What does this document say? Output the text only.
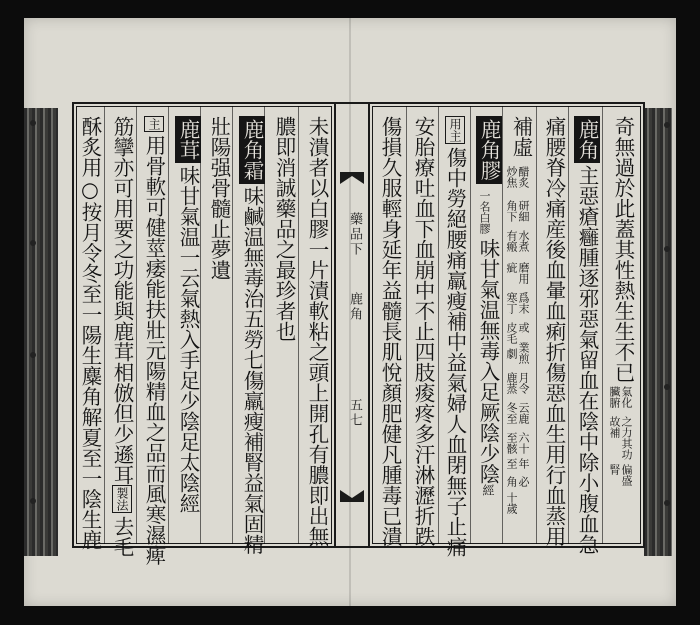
藥品下
鹿角
五七
奇無過於此蓋其性熱生生不已
氣化
臟腑
之力其功
故補
偏盛
腎
鹿角主惡瘡癰腫逐邪惡氣留血在陰中除小腹血急
痛腰脊冷痛産後血暈血痢折傷惡血生用行血蒸用
補虛
醋炙
炒焦
研細
角下
水煮
有瘢
磨用
疵
爲末
寒丁
或
皮毛
業煎
劇
月令
鹿蒸
云鹿
冬至
六十
至骸
年
至
必
角
十歲
鹿角膠
一名白膠
味甘氣温無毒入足厥陰少陰經
用主傷中勞絕腰痛羸瘦補中益氣婦人血閉無子止痛
安胎療吐血下血崩中不止四肢痠疼多汗淋瀝折跌
傷損久服輕身延年益髓長肌悅顏肥健凡腫毒已潰
未潰者以白膠一片漬軟粘之頭上開孔有膿即出無
膿即消誠藥品之最珍者也
鹿角霜味鹹温無毒治五勞七傷羸瘦補腎益氣固精
壯陽强骨髓止夢遺
鹿茸味甘氣温一云氣熱入手足少陰足太陰經
主用骨軟可健莖痿能扶壯元陽精血之品而風寒濕痺
筋攣亦可用要之功能與鹿茸相倣但少遜耳製法去毛
酥炙用○按月令冬至一陽生麋角解夏至一陰生鹿
